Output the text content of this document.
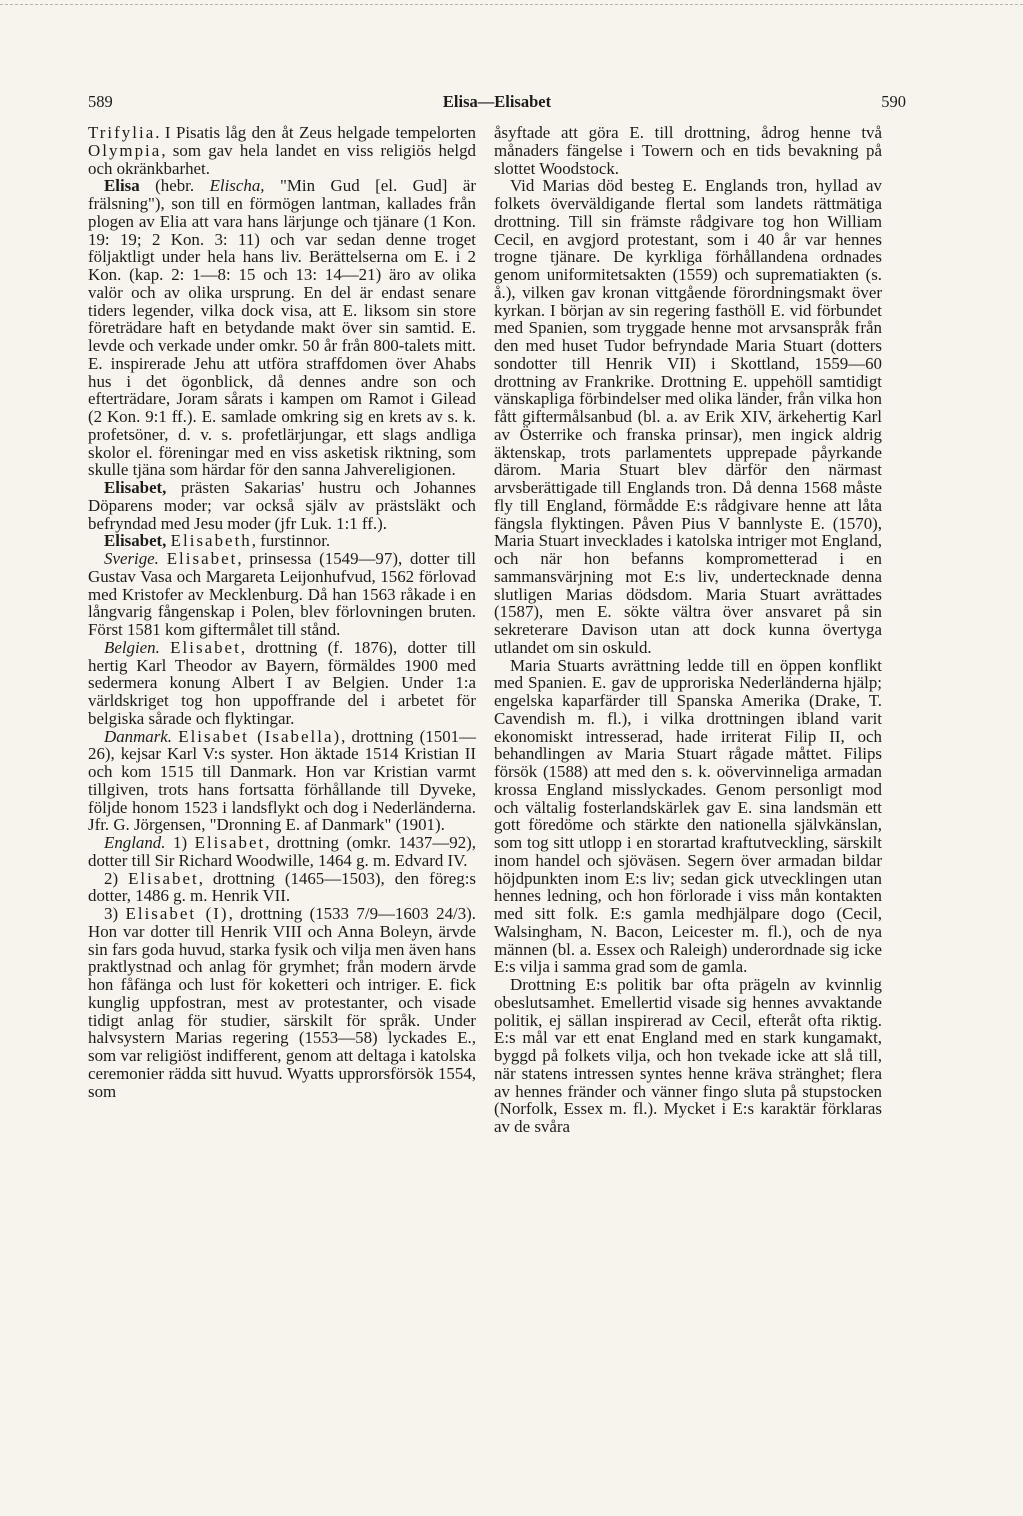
589	Elisa—Elisabet	590

Trifylia. I Pisatis låg den åt Zeus helgade tempelorten Olympia, som gav hela landet en viss religiös helgd och okränkbarhet.

Elisa (hebr. Elischa, "Min Gud [el. Gud] är frälsning"), son till en förmögen lantman, kallades från plogen av Elia att vara hans lärjunge och tjänare (1 Kon. 19: 19; 2 Kon. 3: 11) och var sedan denne troget följaktligt under hela hans liv. Berättelserna om E. i 2 Kon. (kap. 2: 1—8: 15 och 13: 14—21) äro av olika valör och av olika ursprung. En del är endast senare tiders legender, vilka dock visa, att E. liksom sin store företrädare haft en betydande makt över sin samtid. E. levde och verkade under omkr. 50 år från 800-talets mitt. E. inspirerade Jehu att utföra straffdomen över Ahabs hus i det ögonblick, då dennes andre son och efterträdare, Joram sårats i kampen om Ramot i Gilead (2 Kon. 9:1 ff.). E. samlade omkring sig en krets av s. k. profetsöner, d. v. s. profetlärjungar, ett slags andliga skolor el. föreningar med en viss asketisk riktning, som skulle tjäna som härdar för den sanna Jahvereligionen.

Elisabet, prästen Sakarias' hustru och Johannes Döparens moder; var också själv av prästsläkt och befryndad med Jesu moder (jfr Luk. 1:1 ff.).

Elisabet, Elisabeth, furstinnor.

Sverige. Elisabet, prinsessa (1549—97), dotter till Gustav Vasa och Margareta Leijonhufvud, 1562 förlovad med Kristofer av Mecklenburg. Då han 1563 råkade i en långvarig fångenskap i Polen, blev förlovningen bruten. Först 1581 kom giftermålet till stånd.

Belgien. Elisabet, drottning (f. 1876), dotter till hertig Karl Theodor av Bayern, förmäldes 1900 med sedermera konung Albert I av Belgien. Under 1:a världskriget tog hon uppoffrande del i arbetet för belgiska sårade och flyktingar.

Danmark. Elisabet (Isabella), drottning (1501—26), kejsar Karl V:s syster. Hon äktade 1514 Kristian II och kom 1515 till Danmark. Hon var Kristian varmt tillgiven, trots hans fortsatta förhållande till Dyveke, följde honom 1523 i landsflykt och dog i Nederländerna. Jfr. G. Jörgensen, "Dronning E. af Danmark" (1901).

England. 1) Elisabet, drottning (omkr. 1437—92), dotter till Sir Richard Woodwille, 1464 g. m. Edvard IV.

2) Elisabet, drottning (1465—1503), den föreg:s dotter, 1486 g. m. Henrik VII.

3) Elisabet (I), drottning (1533 7/9—1603 24/3). Hon var dotter till Henrik VIII och Anna Boleyn, ärvde sin fars goda huvud, starka fysik och vilja men även hans praktlystnad och anlag för grymhet; från modern ärvde hon fåfänga och lust för koketteri och intriger. E. fick kunglig uppfostran, mest av protestanter, och visade tidigt anlag för studier, särskilt för språk. Under halvsystern Marias regering (1553—58) lyckades E., som var religiöst indifferent, genom att deltaga i katolska ceremonier rädda sitt huvud. Wyatts upprorsförsök 1554, som

åsyftade att göra E. till drottning, ådrog henne två månaders fängelse i Towern och en tids bevakning på slottet Woodstock.

Vid Marias död besteg E. Englands tron, hyllad av folkets överväldigande flertal som landets rättmätiga drottning. Till sin främste rådgivare tog hon William Cecil, en avgjord protestant, som i 40 år var hennes trogne tjänare. De kyrkliga förhållandena ordnades genom uniformitetsakten (1559) och suprematiakten (s. å.), vilken gav kronan vittgående förordningsmakt över kyrkan. I början av sin regering fasthöll E. vid förbundet med Spanien, som tryggade henne mot arvsanspråk från den med huset Tudor befryndade Maria Stuart (dotters sondotter till Henrik VII) i Skottland, 1559—60 drottning av Frankrike. Drottning E. uppehöll samtidigt vänskapliga förbindelser med olika länder, från vilka hon fått giftermålsanbud (bl. a. av Erik XIV, ärkehertig Karl av Österrike och franska prinsar), men ingick aldrig äktenskap, trots parlamentets upprepade påyrkande därom. Maria Stuart blev därför den närmast arvsberättigade till Englands tron. Då denna 1568 måste fly till England, förmådde E:s rådgivare henne att låta fängsla flyktingen. Påven Pius V bannlyste E. (1570), Maria Stuart invecklades i katolska intriger mot England, och när hon befanns komprometterad i en sammansvärjning mot E:s liv, undertecknade denna slutligen Marias dödsdom. Maria Stuart avrättades (1587), men E. sökte vältra över ansvaret på sin sekreterare Davison utan att dock kunna övertyga utlandet om sin oskuld.

Maria Stuarts avrättning ledde till en öppen konflikt med Spanien. E. gav de upproriska Nederländerna hjälp; engelska kaparfärder till Spanska Amerika (Drake, T. Cavendish m. fl.), i vilka drottningen ibland varit ekonomiskt intresserad, hade irriterat Filip II, och behandlingen av Maria Stuart rågade måttet. Filips försök (1588) att med den s. k. oövervinneliga armadan krossa England misslyckades. Genom personligt mod och vältalig fosterlandskärlek gav E. sina landsmän ett gott föredöme och stärkte den nationella självkänslan, som tog sitt utlopp i en storartad kraftutveckling, särskilt inom handel och sjöväsen. Segern över armadan bildar höjdpunkten inom E:s liv; sedan gick utvecklingen utan hennes ledning, och hon förlorade i viss mån kontakten med sitt folk. E:s gamla medhjälpare dogo (Cecil, Walsingham, N. Bacon, Leicester m. fl.), och de nya männen (bl. a. Essex och Raleigh) underordnade sig icke E:s vilja i samma grad som de gamla.

Drottning E:s politik bar ofta prägeln av kvinnlig obeslutsamhet. Emellertid visade sig hennes avvaktande politik, ej sällan inspirerad av Cecil, efteråt ofta riktig. E:s mål var ett enat England med en stark kungamakt, byggd på folkets vilja, och hon tvekade icke att slå till, när statens intressen syntes henne kräva stränghet; flera av hennes fränder och vänner fingo sluta på stupstocken (Norfolk, Essex m. fl.). Mycket i E:s karaktär förklaras av de svåra
